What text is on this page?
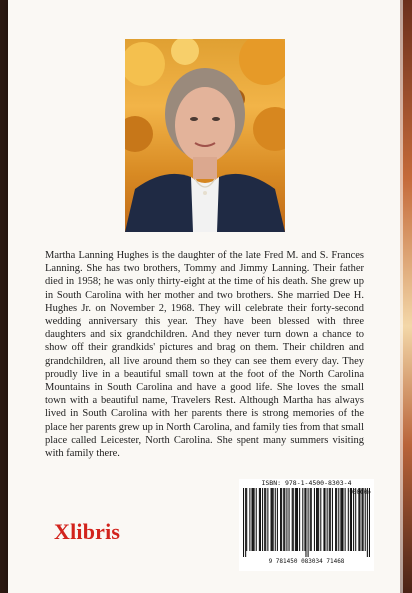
Martha Lanning Hughes is the daughter of the late Fred M. and S. Frances Lanning. She has two brothers, Tommy and Jimmy Lanning. Their father died in 1958; he was only thirty-eight at the time of his death. She grew up in South Carolina with her mother and two brothers. She married Dee H. Hughes Jr. on November 2, 1968. They will celebrate their forty-second wedding anniversary this year. They have been blessed with three daughters and six grandchildren. And they never turn down a chance to show off their grandkids' pictures and brag on them. Their children and grandchildren, all live around them so they can see them every day. They proudly live in a beautiful small town at the foot of the North Carolina Mountains in South Carolina and have a good life. She loves the small town with a beautiful name, Travelers Rest. Although Martha has always lived in South Carolina with her parents there is strong memories of the place her parents grew up in North Carolina, and family ties from that small place called Leicester, North Carolina. She spent many summers visiting with family there.

Xlibris
ISBN: 978-1-4500-8303-4
90000>
9 781450 083034 71468
